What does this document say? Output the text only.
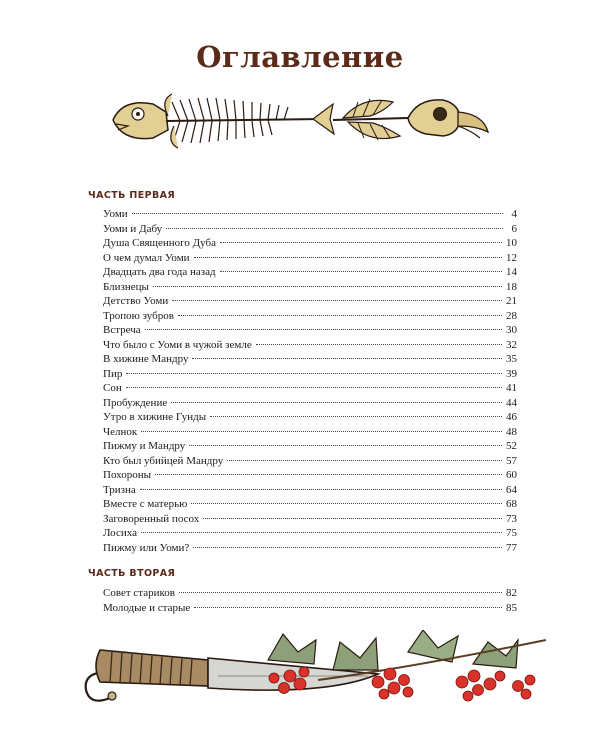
Оглавление
ЧАСТЬ ПЕРВАЯ
Уоми	4
Уоми и Дабу	6
Душа Священного Дуба	10
О чем думал Уоми	12
Двадцать два года назад	14
Близнецы	18
Детство Уоми	21
Тропою зубров	28
Встреча	30
Что было с Уоми в чужой земле	32
В хижине Мандру	35
Пир	39
Сон	41
Пробуждение	44
Утро в хижине Гунды	46
Челнок	48
Пижму и Мандру	52
Кто был убийцей Мандру	57
Похороны	60
Тризна	64
Вместе с матерью	68
Заговоренный посох	73
Лосиха	75
Пижму или Уоми?	77
ЧАСТЬ ВТОРАЯ
Совет стариков	82
Молодые и старые	85
